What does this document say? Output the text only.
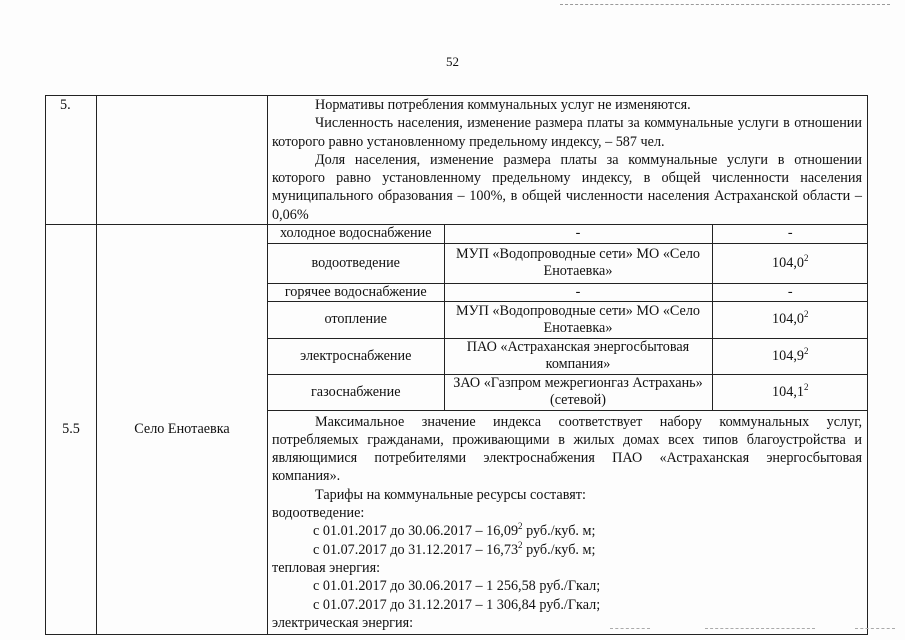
52
5.		Нормативы потребления коммунальных услуг не изменяются.
Численность населения, изменение размера платы за коммунальные услуги в отношении которого равно установленному предельному индексу, – 587 чел.
Доля населения, изменение размера платы за коммунальные услуги в отношении которого равно установленному предельному индексу, в общей численности населения муниципального образования – 100%, в общей численности населения Астраханской области – 0,06%

5.5	Село Енотаевка	
холодное водоснабжение	-	-
водоотведение	МУП «Водопроводные сети» МО «Село Енотаевка»	104,0$^2$
горячее водоснабжение	-	-
отопление	МУП «Водопроводные сети» МО «Село Енотаевка»	104,0$^2$
электроснабжение	ПАО «Астраханская энергосбытовая компания»	104,9$^2$
газоснабжение	ЗАО «Газпром межрегионгаз Астрахань» (сетевой)	104,1$^2$
Максимальное значение индекса соответствует набору коммунальных услуг, потребляемых гражданами, проживающими в жилых домах всех типов благоустройства и являющимися потребителями электроснабжения ПАО «Астраханская энергосбытовая компания».
Тарифы на коммунальные ресурсы составят:
водоотведение:
с 01.01.2017 до 30.06.2017 – 16,09$^2$ руб./куб. м;
с 01.07.2017 до 31.12.2017 – 16,73$^2$ руб./куб. м;
тепловая энергия:
с 01.01.2017 до 30.06.2017 – 1 256,58 руб./Гкал;
с 01.07.2017 до 31.12.2017 – 1 306,84 руб./Гкал;
электрическая энергия:
